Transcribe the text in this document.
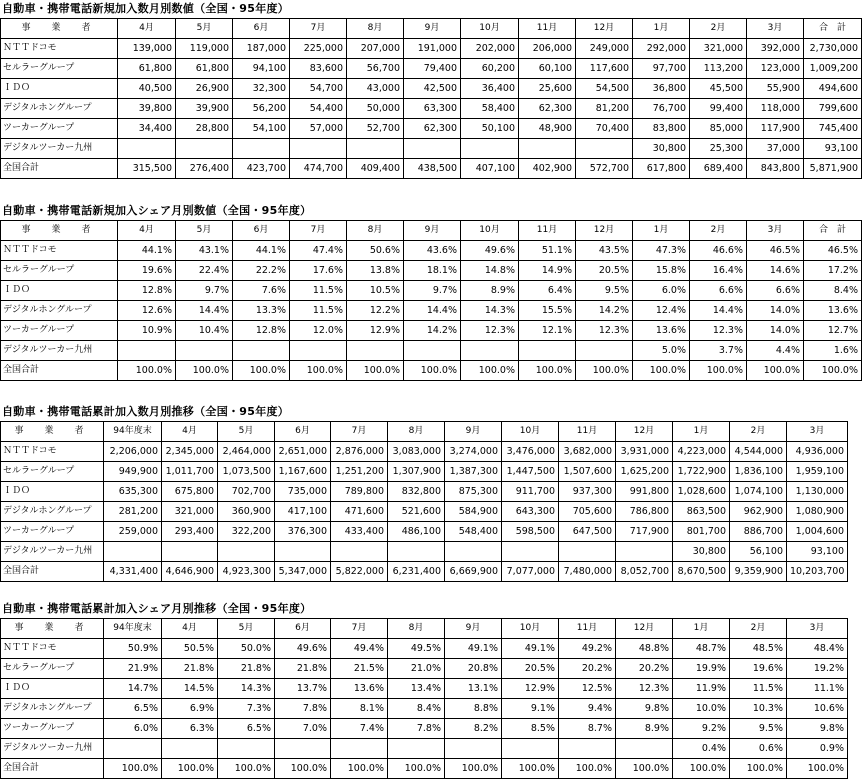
自動車・携帯電話新規加入数月別数値（全国・95年度）
事　業　者	4月	5月	6月	7月	8月	9月	10月	11月	12月	1月	2月	3月	合　計
ＮＴＴドコモ	139,000	119,000	187,000	225,000	207,000	191,000	202,000	206,000	249,000	292,000	321,000	392,000	2,730,000
セルラーグループ	61,800	61,800	94,100	83,600	56,700	79,400	60,200	60,100	117,600	97,700	113,200	123,000	1,009,200
ＩＤＯ	40,500	26,900	32,300	54,700	43,000	42,500	36,400	25,600	54,500	36,800	45,500	55,900	494,600
デジタルホングループ	39,800	39,900	56,200	54,400	50,000	63,300	58,400	62,300	81,200	76,700	99,400	118,000	799,600
ツーカーグループ	34,400	28,800	54,100	57,000	52,700	62,300	50,100	48,900	70,400	83,800	85,000	117,900	745,400
デジタルツーカー九州										30,800	25,300	37,000	93,100
全国合計	315,500	276,400	423,700	474,700	409,400	438,500	407,100	402,900	572,700	617,800	689,400	843,800	5,871,900
自動車・携帯電話新規加入シェア月別数値（全国・95年度）
事　業　者	4月	5月	6月	7月	8月	9月	10月	11月	12月	1月	2月	3月	合　計
ＮＴＴドコモ	44.1%	43.1%	44.1%	47.4%	50.6%	43.6%	49.6%	51.1%	43.5%	47.3%	46.6%	46.5%	46.5%
セルラーグループ	19.6%	22.4%	22.2%	17.6%	13.8%	18.1%	14.8%	14.9%	20.5%	15.8%	16.4%	14.6%	17.2%
ＩＤＯ	12.8%	9.7%	7.6%	11.5%	10.5%	9.7%	8.9%	6.4%	9.5%	6.0%	6.6%	6.6%	8.4%
デジタルホングループ	12.6%	14.4%	13.3%	11.5%	12.2%	14.4%	14.3%	15.5%	14.2%	12.4%	14.4%	14.0%	13.6%
ツーカーグループ	10.9%	10.4%	12.8%	12.0%	12.9%	14.2%	12.3%	12.1%	12.3%	13.6%	12.3%	14.0%	12.7%
デジタルツーカー九州										5.0%	3.7%	4.4%	1.6%
全国合計	100.0%	100.0%	100.0%	100.0%	100.0%	100.0%	100.0%	100.0%	100.0%	100.0%	100.0%	100.0%	100.0%
自動車・携帯電話累計加入数月別推移（全国・95年度）
事　業　者	94年度末	4月	5月	6月	7月	8月	9月	10月	11月	12月	1月	2月	3月
ＮＴＴドコモ	2,206,000	2,345,000	2,464,000	2,651,000	2,876,000	3,083,000	3,274,000	3,476,000	3,682,000	3,931,000	4,223,000	4,544,000	4,936,000
セルラーグループ	949,900	1,011,700	1,073,500	1,167,600	1,251,200	1,307,900	1,387,300	1,447,500	1,507,600	1,625,200	1,722,900	1,836,100	1,959,100
ＩＤＯ	635,300	675,800	702,700	735,000	789,800	832,800	875,300	911,700	937,300	991,800	1,028,600	1,074,100	1,130,000
デジタルホングループ	281,200	321,000	360,900	417,100	471,600	521,600	584,900	643,300	705,600	786,800	863,500	962,900	1,080,900
ツーカーグループ	259,000	293,400	322,200	376,300	433,400	486,100	548,400	598,500	647,500	717,900	801,700	886,700	1,004,600
デジタルツーカー九州											30,800	56,100	93,100
全国合計	4,331,400	4,646,900	4,923,300	5,347,000	5,822,000	6,231,400	6,669,900	7,077,000	7,480,000	8,052,700	8,670,500	9,359,900	10,203,700
自動車・携帯電話累計加入シェア月別推移（全国・95年度）
事　業　者	94年度末	4月	5月	6月	7月	8月	9月	10月	11月	12月	1月	2月	3月
ＮＴＴドコモ	50.9%	50.5%	50.0%	49.6%	49.4%	49.5%	49.1%	49.1%	49.2%	48.8%	48.7%	48.5%	48.4%
セルラーグループ	21.9%	21.8%	21.8%	21.8%	21.5%	21.0%	20.8%	20.5%	20.2%	20.2%	19.9%	19.6%	19.2%
ＩＤＯ	14.7%	14.5%	14.3%	13.7%	13.6%	13.4%	13.1%	12.9%	12.5%	12.3%	11.9%	11.5%	11.1%
デジタルホングループ	6.5%	6.9%	7.3%	7.8%	8.1%	8.4%	8.8%	9.1%	9.4%	9.8%	10.0%	10.3%	10.6%
ツーカーグループ	6.0%	6.3%	6.5%	7.0%	7.4%	7.8%	8.2%	8.5%	8.7%	8.9%	9.2%	9.5%	9.8%
デジタルツーカー九州											0.4%	0.6%	0.9%
全国合計	100.0%	100.0%	100.0%	100.0%	100.0%	100.0%	100.0%	100.0%	100.0%	100.0%	100.0%	100.0%	100.0%
